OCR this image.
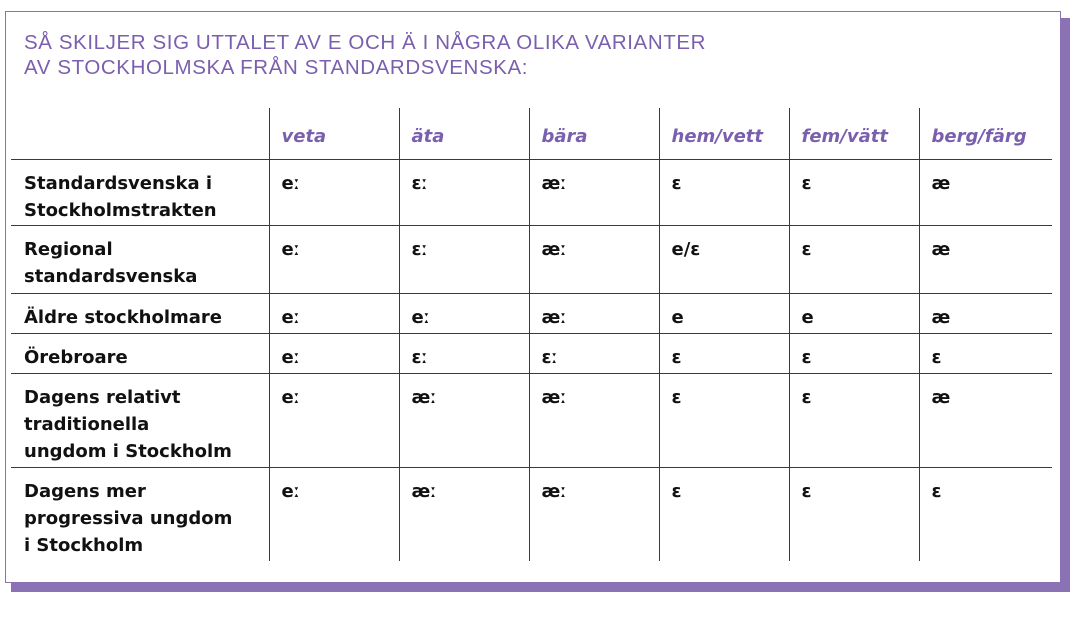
SÅ SKILJER SIG UTTALET AV E OCH Ä I NÅGRA OLIKA VARIANTER
AV STOCKHOLMSKA FRÅN STANDARDSVENSKA:
	veta	äta	bära	hem/vett	fem/vätt	berg/färg

Standardsvenska i
Stockholmstrakten	eː	ɛː	æː	ɛ	ɛ	æ

Regional
standardsvenska	eː	ɛː	æː	e/ɛ	ɛ	æ

Äldre stockholmare	eː	eː	æː	e	e	æ

Örebroare	eː	ɛː	ɛː	ɛ	ɛ	ɛ

Dagens relativt
traditionella
ungdom i Stockholm	eː	æː	æː	ɛ	ɛ	æ

Dagens mer
progressiva ungdom
i Stockholm	eː	æː	æː	ɛ	ɛ	ɛ
